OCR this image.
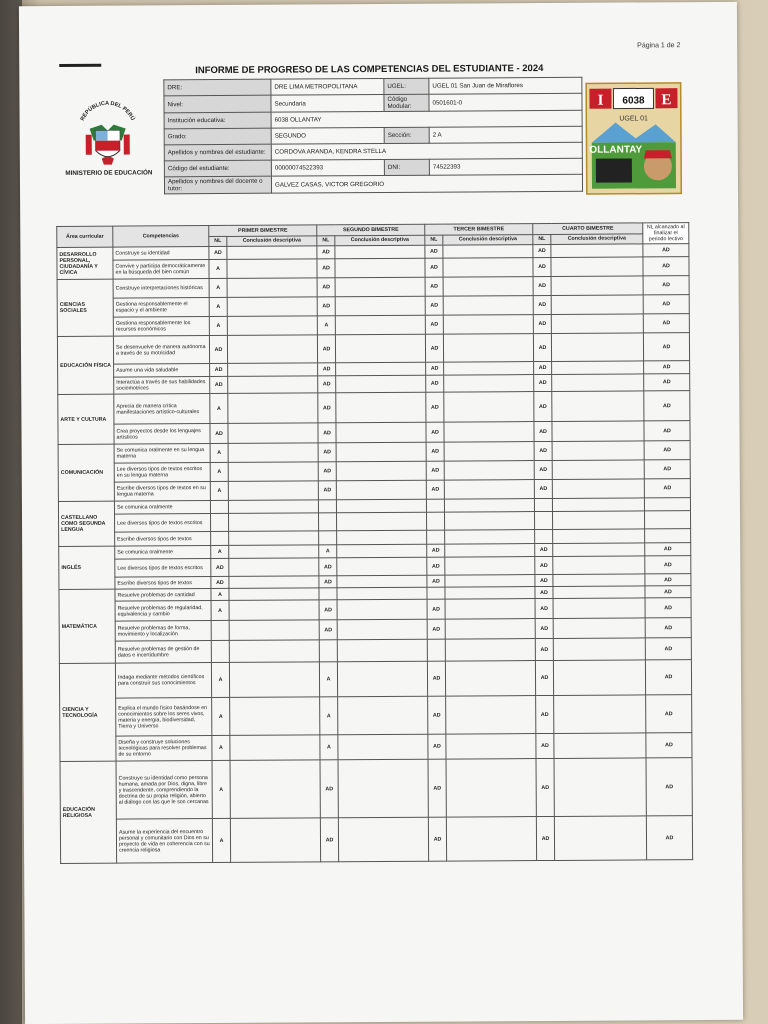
Página 1 de 2
INFORME DE PROGRESO DE LAS COMPETENCIAS DEL ESTUDIANTE - 2024
REPÚBLICA DEL PERÚ
MINISTERIO DE EDUCACIÓN
DRE:	DRE LIMA METROPOLITANA	UGEL:	UGEL 01 San Juan de Miraflores
Nivel:	Secundaria	Código Modular:	0501601-0
Institución educativa:	6038 OLLANTAY		
Grado:	SEGUNDO	Sección:	2 A
Apellidos y nombres del estudiante:	CORDOVA ARANDA, KENDRA STELLA		
Código del estudiante:	00000074522393	DNI:	74522393
Apellidos y nombres del docente o tutor:	GALVEZ CASAS, VICTOR GREGORIO		
I 6038 E
UGEL 01
OLLANTAY
Área curricular	Competencias	PRIMER BIMESTRE		SEGUNDO BIMESTRE		TERCER BIMESTRE		CUARTO BIMESTRE		NL alcanzado al finalizar el periodo lectivo
		NL	Conclusión descriptiva	NL	Conclusión descriptiva	NL	Conclusión descriptiva	NL	Conclusión descriptiva	
DESARROLLO PERSONAL, CIUDADANÍA Y CÍVICA	Construye su identidad	AD		AD		AD		AD		AD
	Convive y participa democráticamente en la búsqueda del bien común	A		AD		AD		AD		AD
CIENCIAS SOCIALES	Construye interpretaciones históricas	A		AD		AD		AD		AD
	Gestiona responsablemente el espacio y el ambiente	A		AD		AD		AD		AD
	Gestiona responsablemente los recursos económicos	A		A		AD		AD		AD
EDUCACIÓN FÍSICA	Se desenvuelve de manera autónoma a través de su motricidad	AD		AD		AD		AD		AD
	Asume una vida saludable	AD		AD		AD		AD		AD
	Interactúa a través de sus habilidades sociomotrices	AD		AD		AD		AD		AD
ARTE Y CULTURA	Aprecia de manera crítica manifestaciones artístico-culturales	A		AD		AD		AD		AD
	Crea proyectos desde los lenguajes artísticos	AD		AD		AD		AD		AD
COMUNICACIÓN	Se comunica oralmente en su lengua materna	A		AD		AD		AD		AD
	Lee diversos tipos de textos escritos en su lengua materna	A		AD		AD		AD		AD
	Escribe diversos tipos de textos en su lengua materna	A		AD		AD		AD		AD
CASTELLANO COMO SEGUNDA LENGUA	Se comunica oralmente									
	Lee diversos tipos de textos escritos									
	Escribe diversos tipos de textos									
INGLÉS	Se comunica oralmente	A		A		AD		AD		AD
	Lee diversos tipos de textos escritos	AD		AD		AD		AD		AD
	Escribe diversos tipos de textos	AD		AD		AD		AD		AD
MATEMÁTICA	Resuelve problemas de cantidad	A						AD		AD
	Resuelve problemas de regularidad, equivalencia y cambio	A		AD		AD		AD		AD
	Resuelve problemas de forma, movimiento y localización			AD		AD		AD		AD
	Resuelve problemas de gestión de datos e incertidumbre							AD		AD
CIENCIA Y TECNOLOGÍA	Indaga mediante métodos científicos para construir sus conocimientos	A		A		AD		AD		AD
	Explica el mundo físico basándose en conocimientos sobre los seres vivos, materia y energía, biodiversidad, Tierra y Universo	A		A		AD		AD		AD
	Diseña y construye soluciones tecnológicas para resolver problemas de su entorno	A		A		AD		AD		AD
EDUCACIÓN RELIGIOSA	Construye su identidad como persona humana, amada por Dios, digna, libre y trascendente, comprendiendo la doctrina de su propia religión, abierto al diálogo con las que le son cercanas	A		AD		AD		AD		AD
	Asume la experiencia del encuentro personal y comunitario con Dios en su proyecto de vida en coherencia con su creencia religiosa	A		AD		AD		AD		AD
